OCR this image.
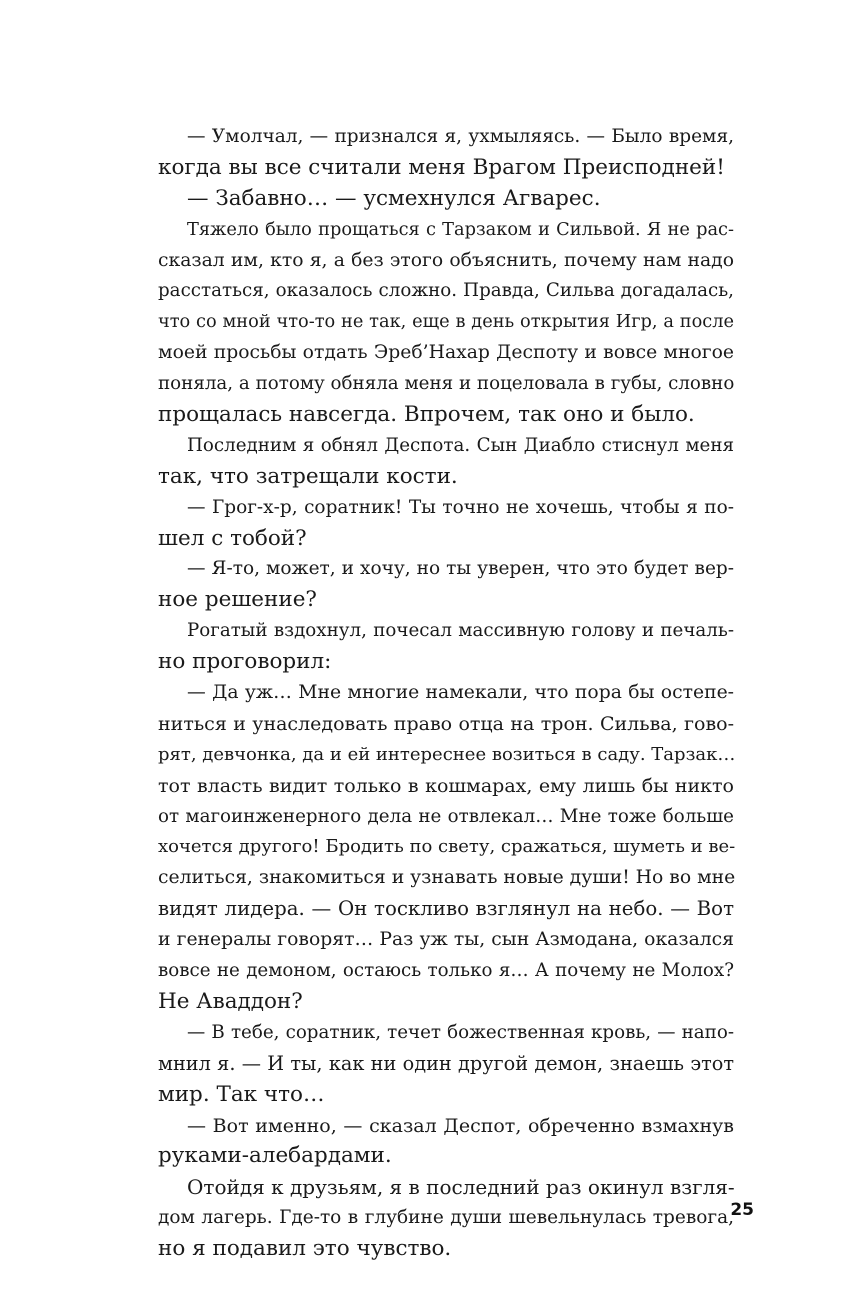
— Умолчал, — признался я, ухмыляясь. — Было время,
когда вы все считали меня Врагом Преисподней!
— Забавно… — усмехнулся Агварес.
Тяжело было прощаться с Тарзаком и Сильвой. Я не рас-
сказал им, кто я, а без этого объяснить, почему нам надо
расстаться, оказалось сложно. Правда, Сильва догадалась,
что со мной что-то не так, еще в день открытия Игр, а после
моей просьбы отдать Эреб’Нахар Деспоту и вовсе многое
поняла, а потому обняла меня и поцеловала в губы, словно
прощалась навсегда. Впрочем, так оно и было.
Последним я обнял Деспота. Сын Диабло стиснул меня
так, что затрещали кости.
— Грог-х-р, соратник! Ты точно не хочешь, чтобы я по-
шел с тобой?
— Я-то, может, и хочу, но ты уверен, что это будет вер-
ное решение?
Рогатый вздохнул, почесал массивную голову и печаль-
но проговорил:
— Да уж… Мне многие намекали, что пора бы остепе-
ниться и унаследовать право отца на трон. Сильва, гово-
рят, девчонка, да и ей интереснее возиться в саду. Тарзак…
тот власть видит только в кошмарах, ему лишь бы никто
от магоинженерного дела не отвлекал… Мне тоже больше
хочется другого! Бродить по свету, сражаться, шуметь и ве-
селиться, знакомиться и узнавать новые души! Но во мне
видят лидера. — Он тоскливо взглянул на небо. — Вот
и генералы говорят… Раз уж ты, сын Азмодана, оказался
вовсе не демоном, остаюсь только я… А почему не Молох?
Не Аваддон?
— В тебе, соратник, течет божественная кровь, — напо-
мнил я. — И ты, как ни один другой демон, знаешь этот
мир. Так что…
— Вот именно, — сказал Деспот, обреченно взмахнув
руками-алебардами.
Отойдя к друзьям, я в последний раз окинул взгля-
дом лагерь. Где-то в глубине души шевельнулась тревога,
но я подавил это чувство.
25
